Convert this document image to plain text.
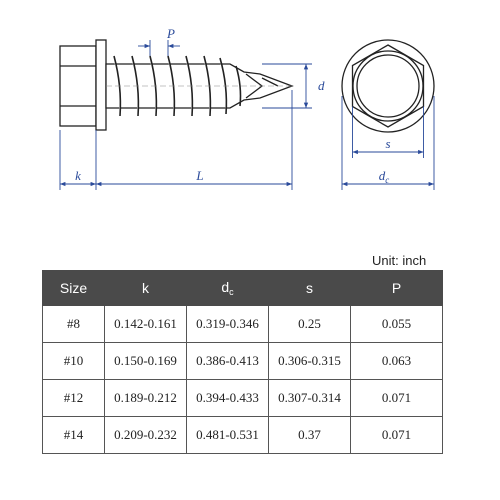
P
d
k	L
s
$d_c$
Unit: inch
Size	k	$d_c$	s	P
#8	0.142-0.161	0.319-0.346	0.25	0.055
#10	0.150-0.169	0.386-0.413	0.306-0.315	0.063
#12	0.189-0.212	0.394-0.433	0.307-0.314	0.071
#14	0.209-0.232	0.481-0.531	0.37	0.071
